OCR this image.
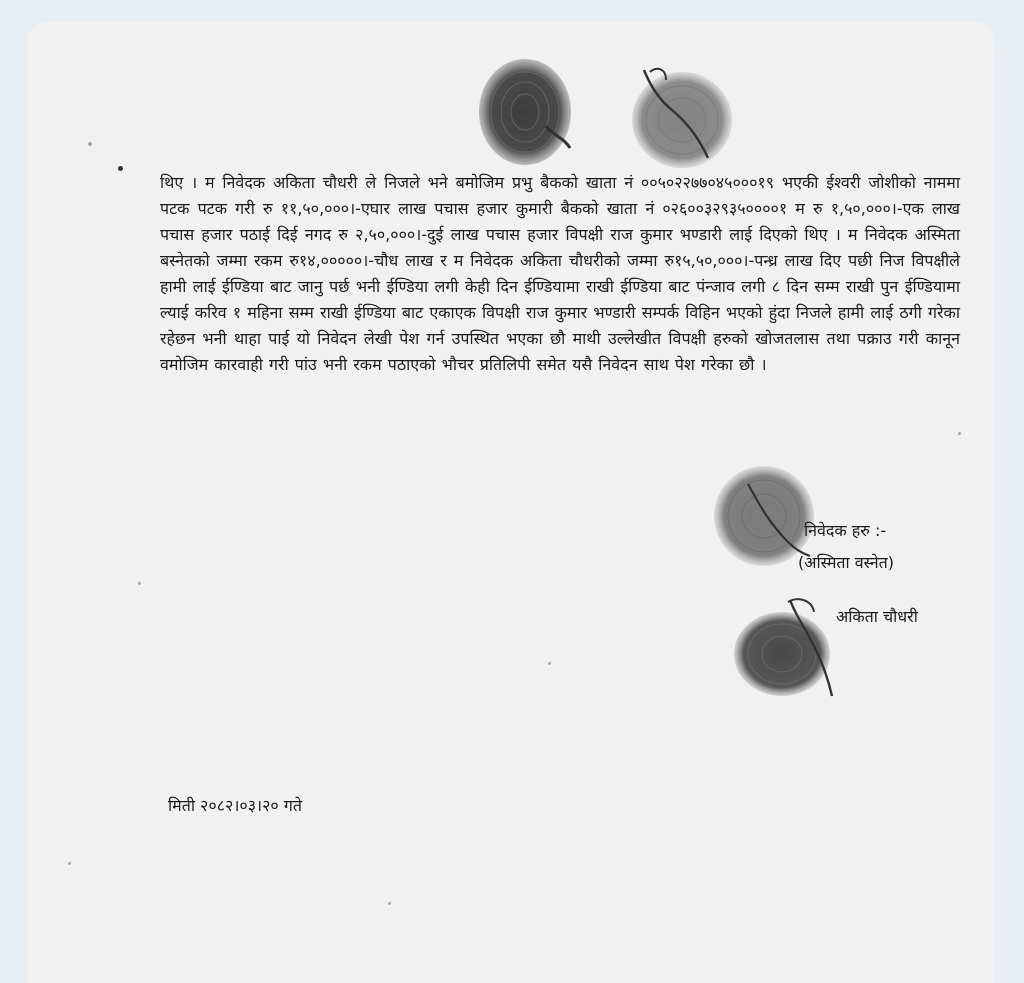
थिए । म निवेदक अकिता चौधरी ले निजले भने बमोजिम प्रभु बैकको खाता नं ००५०२२७७०४५०००१९ भएकी ईश्वरी जोशीको नाममा पटक पटक गरी रु ११,५०,०००।-एघार लाख पचास हजार कुमारी बैकको खाता नं ०२६००३२९३५००००१ म रु १,५०,०००।-एक लाख पचास हजार पठाई दिई नगद रु २,५०,०००।-दुई लाख पचास हजार विपक्षी राज कुमार भण्डारी लाई दिएको थिए । म निवेदक अस्मिता बस्नेतको जम्मा रकम रु१४,०००००।-चौध लाख र म निवेदक अकिता चौधरीको जम्मा रु१५,५०,०००।-पन्ध्र लाख दिए पछी निज विपक्षीले हामी लाई ईण्डिया बाट जानु पर्छ भनी ईण्डिया लगी केही दिन ईण्डियामा राखी ईण्डिया बाट पंन्जाव लगी ८ दिन सम्म राखी पुन ईण्डियामा ल्याई करिव १ महिना सम्म राखी ईण्डिया बाट एकाएक विपक्षी राज कुमार भण्डारी सम्पर्क विहिन भएको हुंदा निजले हामी लाई ठगी गरेका रहेछन भनी थाहा पाई यो निवेदन लेखी पेश गर्न उपस्थित भएका छौ माथी उल्लेखीत विपक्षी हरुको खोजतलास तथा पक्राउ गरी कानून वमोजिम कारवाही गरी पांउ भनी रकम पठाएको भौचर प्रतिलिपी समेत यसै निवेदन साथ पेश गरेका छौ ।
निवेदक हरु :-
(अस्मिता वस्नेत)
अकिता चौधरी
मिती २०८२।०३।२० गते
